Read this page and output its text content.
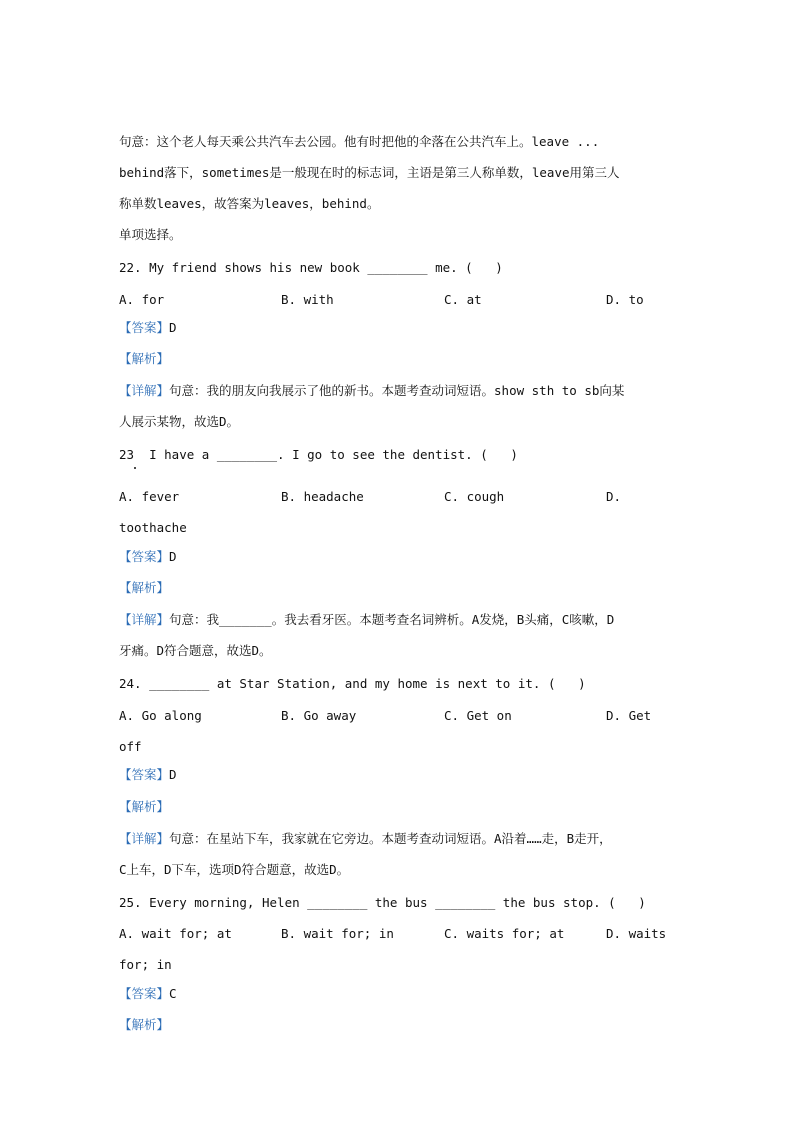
句意：这个老人每天乘公共汽车去公园。他有时把他的伞落在公共汽车上。leave ...
behind落下，sometimes是一般现在时的标志词，主语是第三人称单数，leave用第三人
称单数leaves，故答案为leaves，behind。
单项选择。
22. My friend shows his new book ________ me. (   )
A. for	B. with	C. at	D. to
【答案】D
【解析】
【详解】句意：我的朋友向我展示了他的新书。本题考查动词短语。show sth to sb向某
人展示某物，故选D。
23  I have a ________. I go to see the dentist. (   )
A. fever	B. headache	C. cough	D.
toothache
【答案】D
【解析】
【详解】句意：我_______。我去看牙医。本题考查名词辨析。A发烧，B头痛，C咳嗽，D
牙痛。D符合题意，故选D。
24. ________ at Star Station, and my home is next to it. (   )
A. Go along	B. Go away	C. Get on	D. Get
off
【答案】D
【解析】
【详解】句意：在星站下车，我家就在它旁边。本题考查动词短语。A沿着……走，B走开，
C上车，D下车，选项D符合题意，故选D。
25. Every morning, Helen ________ the bus ________ the bus stop. (   )
A. wait for; at	B. wait for; in	C. waits for; at	D. waits
for; in
【答案】C
【解析】
